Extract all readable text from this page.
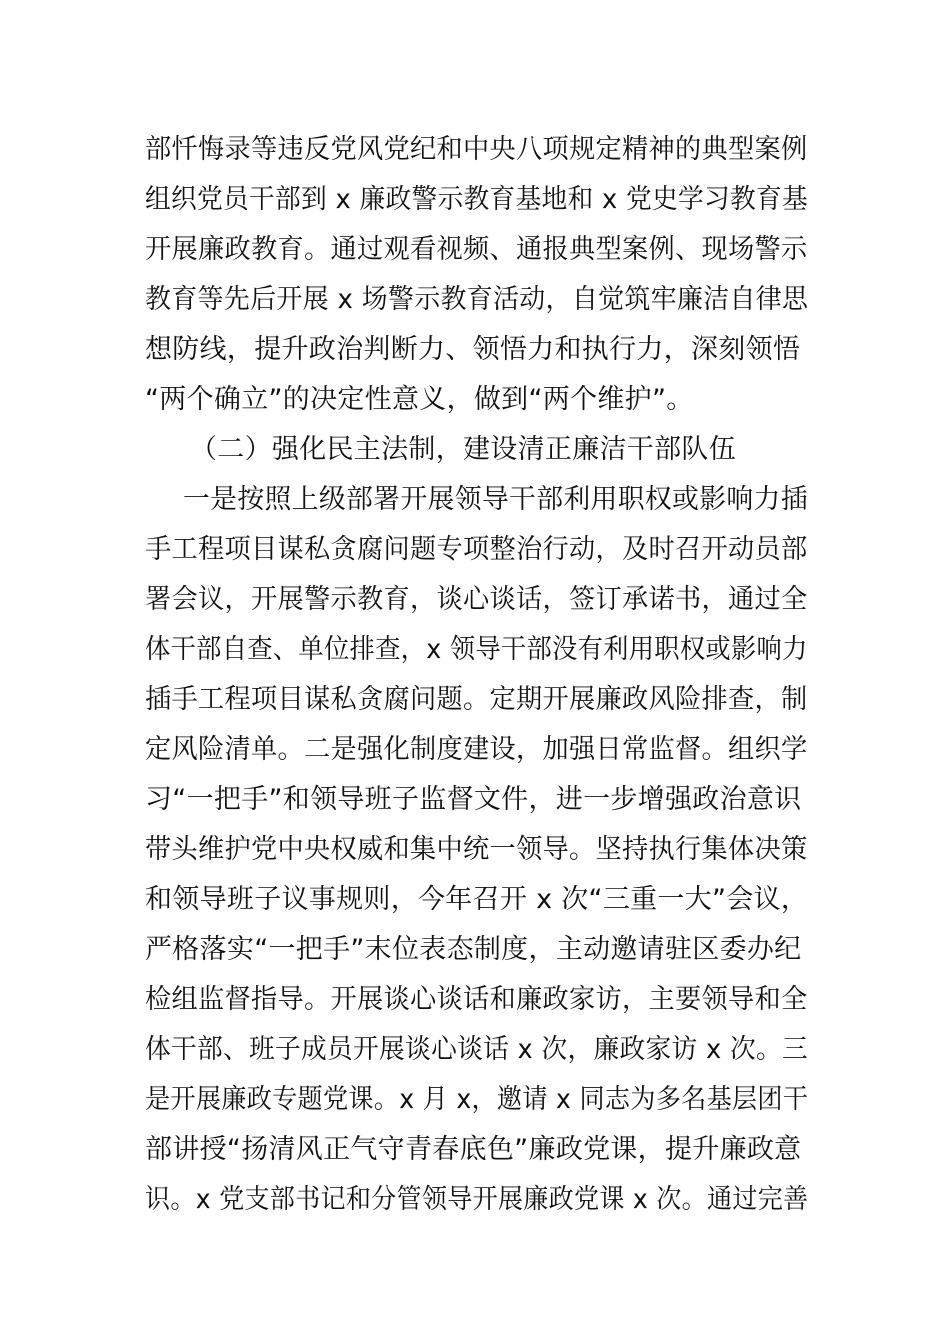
部忏悔录等违反党风党纪和中央八项规定精神的典型案例
组织党员干部到 x 廉政警示教育基地和 x 党史学习教育基
开展廉政教育。通过观看视频、通报典型案例、现场警示
教育等先后开展 x 场警示教育活动，自觉筑牢廉洁自律思
想防线，提升政治判断力、领悟力和执行力，深刻领悟
“两个确立”的决定性意义，做到“两个维护”。
（二）强化民主法制，建设清正廉洁干部队伍
一是按照上级部署开展领导干部利用职权或影响力插
手工程项目谋私贪腐问题专项整治行动，及时召开动员部
署会议，开展警示教育，谈心谈话，签订承诺书，通过全
体干部自查、单位排查，x 领导干部没有利用职权或影响力
插手工程项目谋私贪腐问题。定期开展廉政风险排查，制
定风险清单。二是强化制度建设，加强日常监督。组织学
习“一把手”和领导班子监督文件，进一步增强政治意识
带头维护党中央权威和集中统一领导。坚持执行集体决策
和领导班子议事规则，今年召开 x 次“三重一大”会议，
严格落实“一把手”末位表态制度，主动邀请驻区委办纪
检组监督指导。开展谈心谈话和廉政家访，主要领导和全
体干部、班子成员开展谈心谈话 x 次，廉政家访 x 次。三
是开展廉政专题党课。x 月 x，邀请 x 同志为多名基层团干
部讲授“扬清风正气守青春底色”廉政党课，提升廉政意
识。x 党支部书记和分管领导开展廉政党课 x 次。通过完善
